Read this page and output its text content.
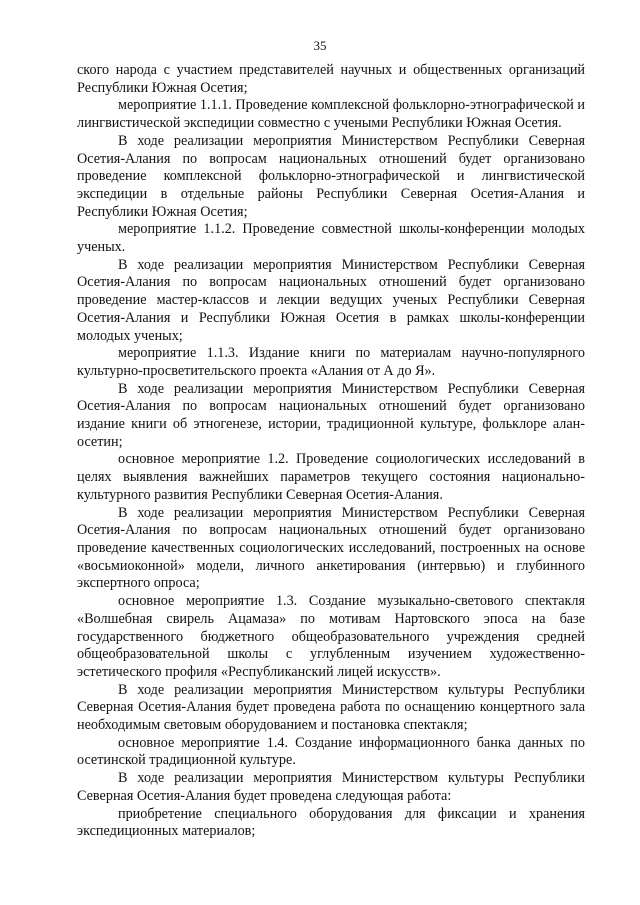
35

ского народа с участием представителей научных и общественных организаций Республики Южная Осетия;

мероприятие 1.1.1. Проведение комплексной фольклорно-этнографической и лингвистической экспедиции совместно с учеными Республики Южная Осетия.

В ходе реализации мероприятия Министерством Республики Северная Осетия-Алания по вопросам национальных отношений будет организовано проведение комплексной фольклорно-этнографической и лингвистической экспедиции в отдельные районы Республики Северная Осетия-Алания и Республики Южная Осетия;

мероприятие 1.1.2. Проведение совместной школы-конференции молодых ученых.

В ходе реализации мероприятия Министерством Республики Северная Осетия-Алания по вопросам национальных отношений будет организовано проведение мастер-классов и лекции ведущих ученых Республики Северная Осетия-Алания и Республики Южная Осетия в рамках школы-конференции молодых ученых;

мероприятие 1.1.3. Издание книги по материалам научно-популярного культурно-просветительского проекта «Алания от А до Я».

В ходе реализации мероприятия Министерством Республики Северная Осетия-Алания по вопросам национальных отношений будет организовано издание книги об этногенезе, истории, традиционной культуре, фольклоре алан-осетин;

основное мероприятие 1.2. Проведение социологических исследований в целях выявления важнейших параметров текущего состояния национально-культурного развития Республики Северная Осетия-Алания.

В ходе реализации мероприятия Министерством Республики Северная Осетия-Алания по вопросам национальных отношений будет организовано проведение качественных социологических исследований, построенных на основе «восьмиоконной» модели, личного анкетирования (интервью) и глубинного экспертного опроса;

основное мероприятие 1.3. Создание музыкально-светового спектакля «Волшебная свирель Ацамаза» по мотивам Нартовского эпоса на базе государственного бюджетного общеобразовательного учреждения средней общеобразовательной школы с углубленным изучением художественно-эстетического профиля «Республиканский лицей искусств».

В ходе реализации мероприятия Министерством культуры Республики Северная Осетия-Алания будет проведена работа по оснащению концертного зала необходимым световым оборудованием и постановка спектакля;

основное мероприятие 1.4. Создание информационного банка данных по осетинской традиционной культуре.

В ходе реализации мероприятия Министерством культуры Республики Северная Осетия-Алания будет проведена следующая работа:

приобретение специального оборудования для фиксации и хранения экспедиционных материалов;
